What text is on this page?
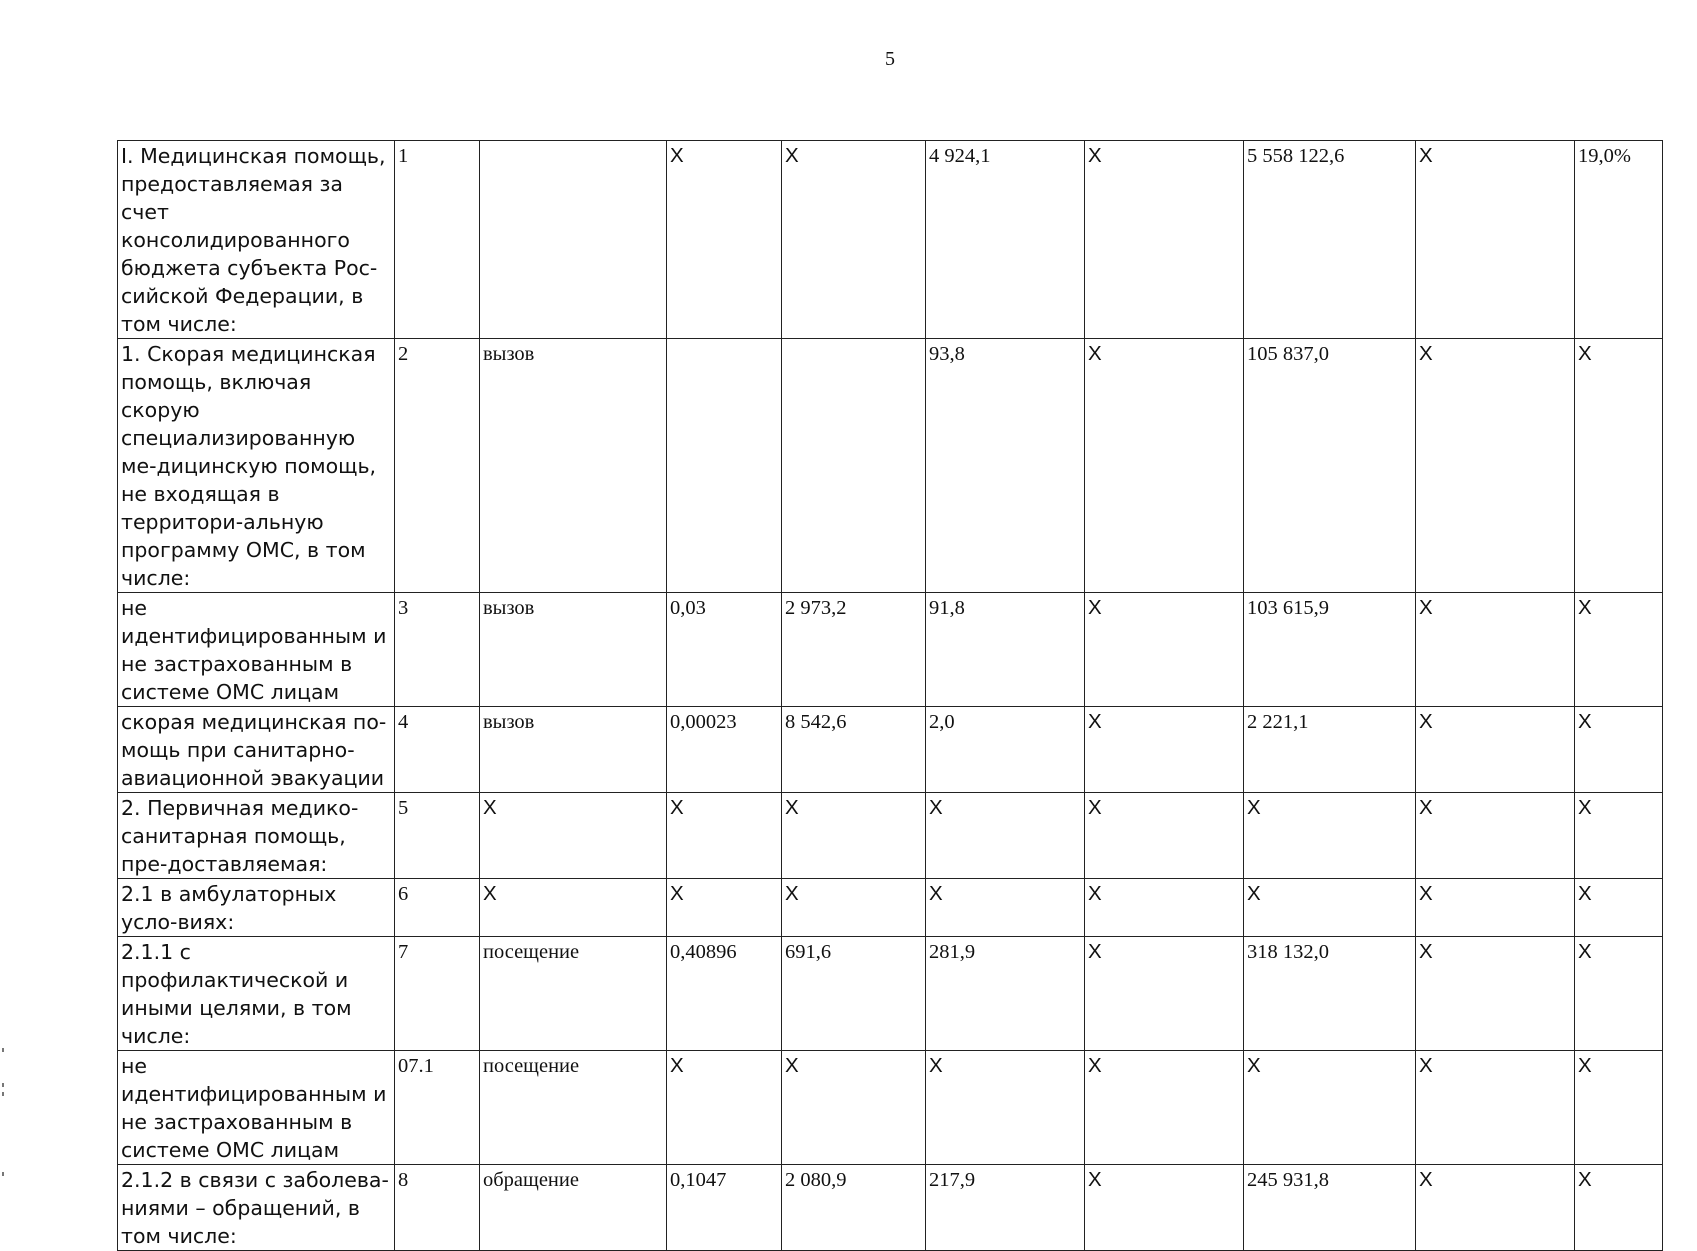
5
I. Медицинская помощь, предоставляемая за счет консолидированного бюджета субъекта Рос-сийской Федерации, в том числе:	1		X	X	4 924,1	X	5 558 122,6	X	19,0%
1. Скорая медицинская помощь, включая скорую специализированную ме-дицинскую помощь, не входящая в территори-альную программу ОМС, в том числе:	2	вызов			93,8	X	105 837,0	X	X
не идентифицированным и не застрахованным в системе ОМС лицам	3	вызов	0,03	2 973,2	91,8	X	103 615,9	X	X
скорая медицинская по-мощь при санитарно-авиационной эвакуации	4	вызов	0,00023	8 542,6	2,0	X	2 221,1	X	X
2. Первичная медико-санитарная помощь, пре-доставляемая:	5	X	X	X	X	X	X	X	X
2.1 в амбулаторных усло-виях:	6	X	X	X	X	X	X	X	X
2.1.1 с профилактической и иными целями, в том числе:	7	посещение	0,40896	691,6	281,9	X	318 132,0	X	X
не идентифицированным и не застрахованным в системе ОМС лицам	07.1	посещение	X	X	X	X	X	X	X
2.1.2 в связи с заболева-ниями – обращений, в том числе:	8	обращение	0,1047	2 080,9	217,9	X	245 931,8	X	X
